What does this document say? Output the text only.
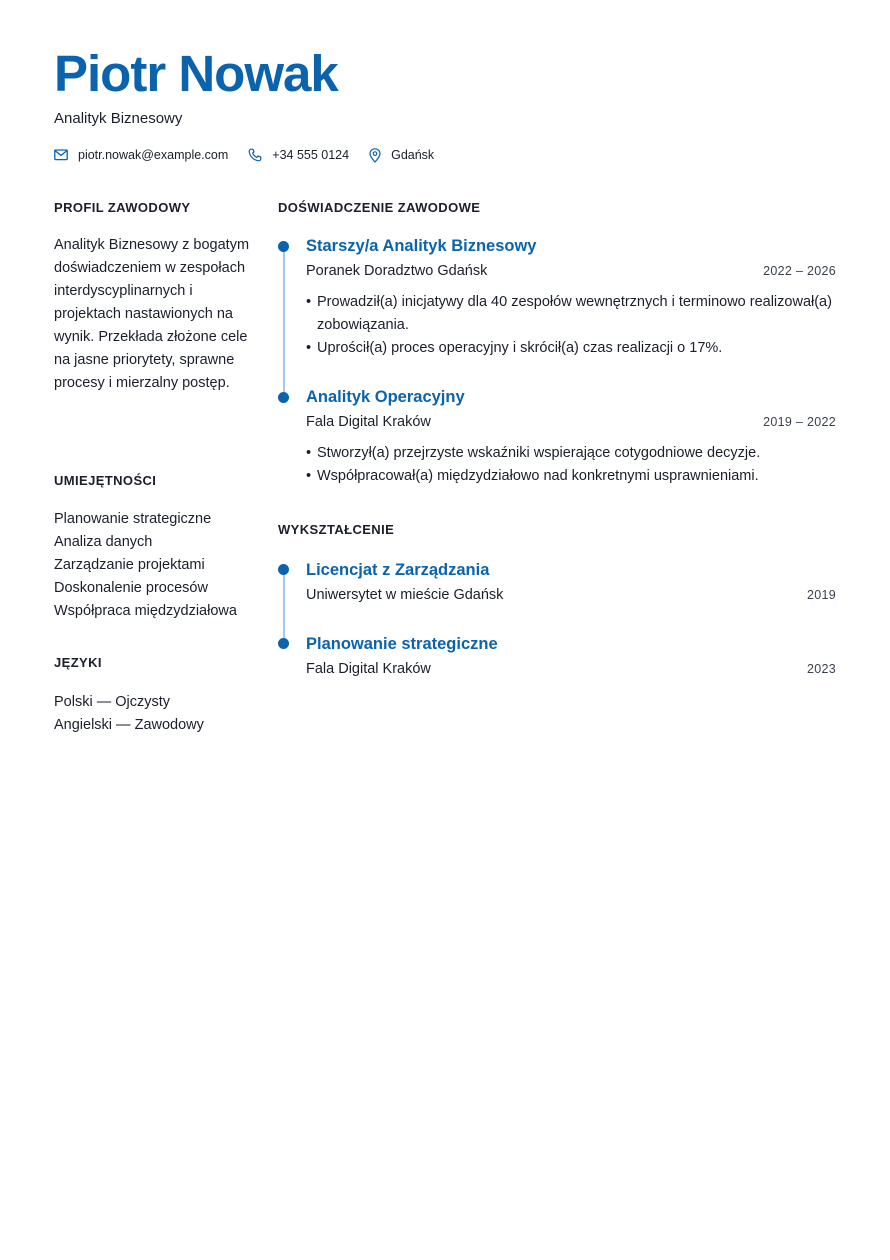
Piotr Nowak
Analityk Biznesowy
piotr.nowak@example.com	+34 555 0124	Gdańsk
PROFIL ZAWODOWY
Analityk Biznesowy z bogatym doświadczeniem w zespołach interdyscyplinarnych i projektach nastawionych na wynik. Przekłada złożone cele na jasne priorytety, sprawne procesy i mierzalny postęp.
UMIEJĘTNOŚCI
Planowanie strategiczne
Analiza danych
Zarządzanie projektami
Doskonalenie procesów
Współpraca międzydziałowa
JĘZYKI
Polski — Ojczysty
Angielski — Zawodowy
DOŚWIADCZENIE ZAWODOWE
Starszy/a Analityk Biznesowy
Poranek Doradztwo Gdańsk	2022 – 2026
• Prowadził(a) inicjatywy dla 40 zespołów wewnętrznych i terminowo realizował(a) zobowiązania.
• Uprościł(a) proces operacyjny i skrócił(a) czas realizacji o 17%.
Analityk Operacyjny
Fala Digital Kraków	2019 – 2022
• Stworzył(a) przejrzyste wskaźniki wspierające cotygodniowe decyzje.
• Współpracował(a) międzydziałowo nad konkretnymi usprawnieniami.
WYKSZTAŁCENIE
Licencjat z Zarządzania
Uniwersytet w mieście Gdańsk	2019
Planowanie strategiczne
Fala Digital Kraków	2023
